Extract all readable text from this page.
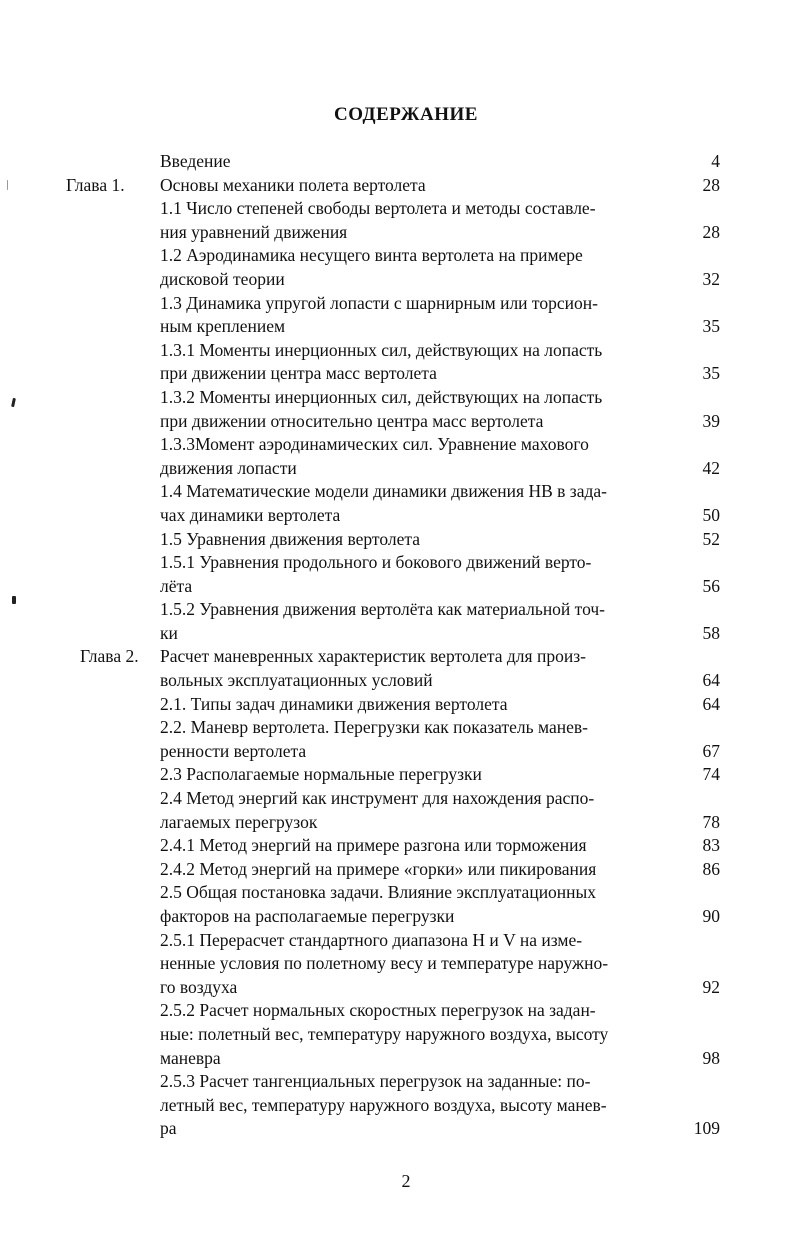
СОДЕРЖАНИЕ
Введение	4
Глава 1. Основы механики полета вертолета	28
1.1 Число степеней свободы вертолета и методы составле-
ния уравнений движения	28
1.2 Аэродинамика несущего винта вертолета на примере
дисковой теории	32
1.3 Динамика упругой лопасти с шарнирным или торсион-
ным креплением	35
1.3.1 Моменты инерционных сил, действующих на лопасть
при движении центра масс вертолета	35
1.3.2 Моменты инерционных сил, действующих на лопасть
при движении относительно центра масс вертолета	39
1.3.3Момент аэродинамических сил. Уравнение махового
движения лопасти	42
1.4 Математические модели динамики движения НВ в зада-
чах динамики вертолета	50
1.5 Уравнения движения вертолета	52
1.5.1 Уравнения продольного и бокового движений верто-
лёта	56
1.5.2 Уравнения движения вертолёта как материальной точ-
ки	58
Глава 2. Расчет маневренных характеристик вертолета для произ-
вольных эксплуатационных условий	64
2.1. Типы задач динамики движения вертолета	64
2.2. Маневр вертолета. Перегрузки как показатель манев-
ренности вертолета	67
2.3 Располагаемые нормальные перегрузки	74
2.4 Метод энергий как инструмент для нахождения распо-
лагаемых перегрузок	78
2.4.1 Метод энергий на примере разгона или торможения	83
2.4.2 Метод энергий на примере «горки» или пикирования	86
2.5 Общая постановка задачи. Влияние эксплуатационных
факторов на располагаемые перегрузки	90
2.5.1 Перерасчет стандартного диапазона H и V на изме-
ненные условия по полетному весу и температуре наружно-
го воздуха	92
2.5.2 Расчет нормальных скоростных перегрузок на задан-
ные: полетный вес, температуру наружного воздуха, высоту
маневра	98
2.5.3 Расчет тангенциальных перегрузок на заданные: по-
летный вес, температуру наружного воздуха, высоту манев-
ра	109
2
